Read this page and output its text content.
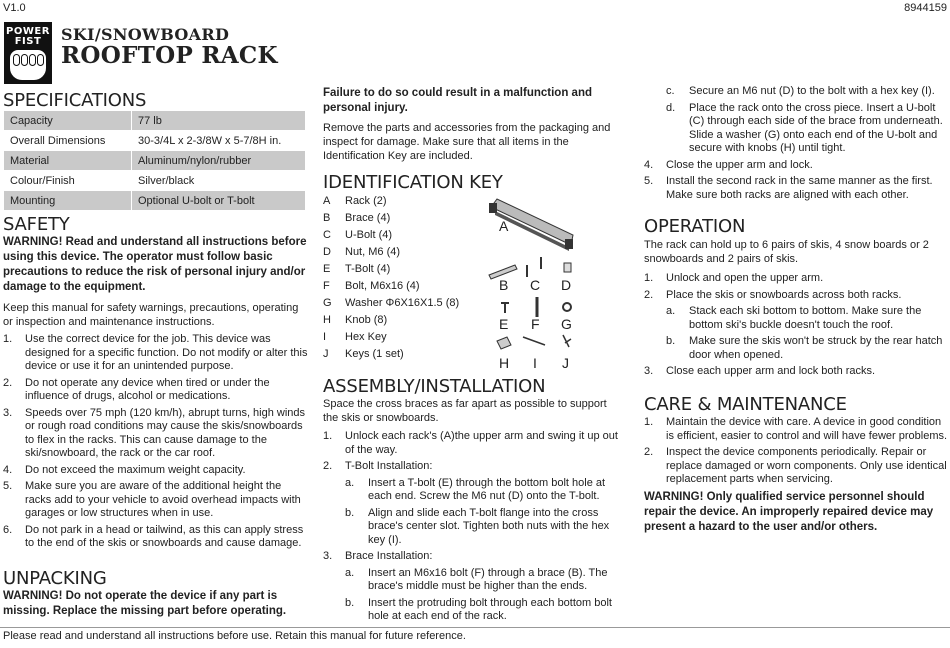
V1.0	8944159
POWER FIST	SKI/SNOWBOARD
ROOFTOP RACK
SPECIFICATIONS
Capacity	77 lb
Overall Dimensions	30-3/4L x 2-3/8W x 5-7/8H in.
Material	Aluminum/nylon/rubber
Colour/Finish	Silver/black
Mounting	Optional U-bolt or T-bolt
SAFETY
WARNING! Read and understand all instructions before using this device. The operator must follow basic precautions to reduce the risk of personal injury and/or damage to the equipment.
Keep this manual for safety warnings, precautions, operating or inspection and maintenance instructions.
1. Use the correct device for the job. This device was designed for a specific function. Do not modify or alter this device or use it for an unintended purpose.
2. Do not operate any device when tired or under the influence of drugs, alcohol or medications.
3. Speeds over 75 mph (120 km/h), abrupt turns, high winds or rough road conditions may cause the skis/snowboards to flex in the racks. This can cause damage to the ski/snowboard, the rack or the car roof.
4. Do not exceed the maximum weight capacity.
5. Make sure you are aware of the additional height the racks add to your vehicle to avoid overhead impacts with garages or low structures when in use.
6. Do not park in a head or tailwind, as this can apply stress to the end of the skis or snowboards and cause damage.
UNPACKING
WARNING! Do not operate the device if any part is missing. Replace the missing part before operating.
Failure to do so could result in a malfunction and personal injury.
Remove the parts and accessories from the packaging and inspect for damage. Make sure that all items in the Identification Key are included.
IDENTIFICATION KEY
A Rack (2)
B Brace (4)
C U-Bolt (4)
D Nut, M6 (4)
E T-Bolt (4)
F Bolt, M6x16 (4)
G Washer Φ6X16X1.5 (8)
H Knob (8)
I Hex Key
J Keys (1 set)
A
B C D
E F G
H I J
ASSEMBLY/INSTALLATION
Space the cross braces as far apart as possible to support the skis or snowboards.
1. Unlock each rack's (A)the upper arm and swing it up out of the way.
2. T-Bolt Installation:
a. Insert a T-bolt (E) through the bottom bolt hole at each end. Screw the M6 nut (D) onto the T-bolt.
b. Align and slide each T-bolt flange into the cross brace's center slot. Tighten both nuts with the hex key (I).
3. Brace Installation:
a. Insert an M6x16 bolt (F) through a brace (B). The brace's middle must be higher than the ends.
b. Insert the protruding bolt through each bottom bolt hole at each end of the rack.
c. Secure an M6 nut (D) to the bolt with a hex key (I).
d. Place the rack onto the cross piece. Insert a U-bolt (C) through each side of the brace from underneath. Slide a washer (G) onto each end of the U-bolt and secure with knobs (H) until tight.
4. Close the upper arm and lock.
5. Install the second rack in the same manner as the first. Make sure both racks are aligned with each other.
OPERATION
The rack can hold up to 6 pairs of skis, 4 snow boards or 2 snowboards and 2 pairs of skis.
1. Unlock and open the upper arm.
2. Place the skis or snowboards across both racks.
a. Stack each ski bottom to bottom. Make sure the bottom ski's buckle doesn't touch the roof.
b. Make sure the skis won't be struck by the rear hatch door when opened.
3. Close each upper arm and lock both racks.
CARE & MAINTENANCE
1. Maintain the device with care. A device in good condition is efficient, easier to control and will have fewer problems.
2. Inspect the device components periodically. Repair or replace damaged or worn components. Only use identical replacement parts when servicing.
WARNING! Only qualified service personnel should repair the device. An improperly repaired device may present a hazard to the user and/or others.
Please read and understand all instructions before use. Retain this manual for future reference.
